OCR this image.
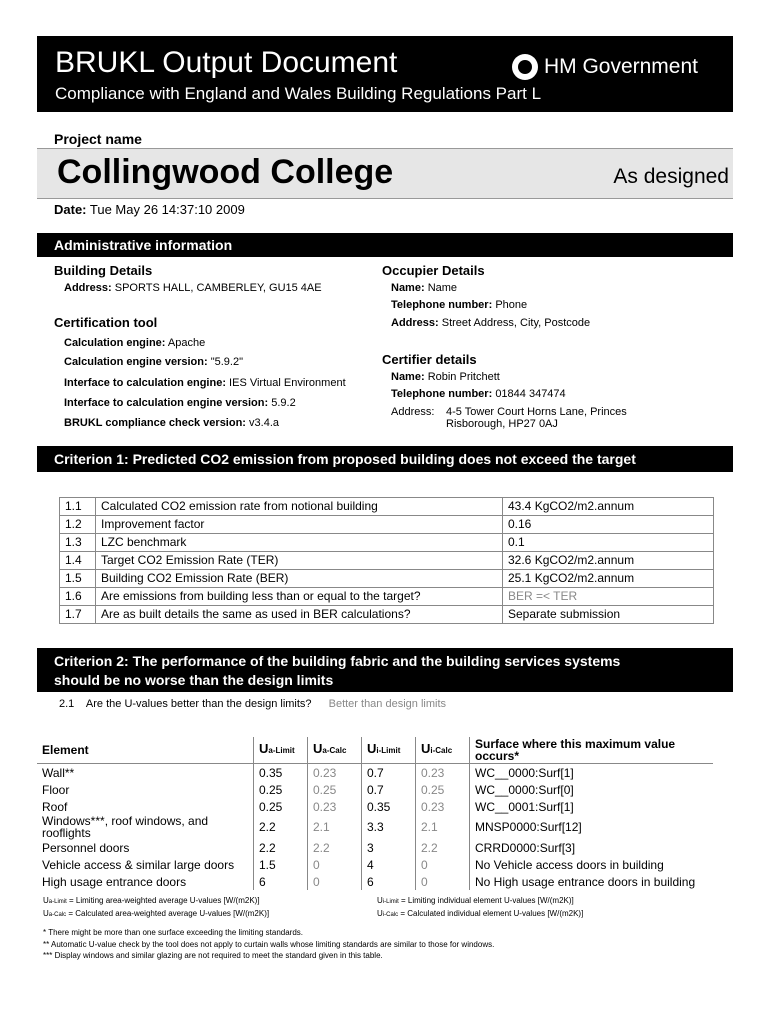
BRUKL Output Document
Compliance with England and Wales Building Regulations Part L
HM Government
Project name
Collingwood College	As designed
Date: Tue May 26 14:37:10 2009
Administrative information
Building Details
Address: SPORTS HALL, CAMBERLEY, GU15 4AE
Certification tool
Calculation engine: Apache
Calculation engine version: "5.9.2"
Interface to calculation engine: IES Virtual Environment
Interface to calculation engine version: 5.9.2
BRUKL compliance check version: v3.4.a
Occupier Details
Name: Name
Telephone number: Phone
Address: Street Address, City, Postcode
Certifier details
Name: Robin Pritchett
Telephone number: 01844 347474
Address: 4-5 Tower Court Horns Lane, Princes
Risborough, HP27 0AJ
Criterion 1: Predicted CO2 emission from proposed building does not exceed the target
1.1	Calculated CO2 emission rate from notional building	43.4 KgCO2/m2.annum
1.2	Improvement factor	0.16
1.3	LZC benchmark	0.1
1.4	Target CO2 Emission Rate (TER)	32.6 KgCO2/m2.annum
1.5	Building CO2 Emission Rate (BER)	25.1 KgCO2/m2.annum
1.6	Are emissions from building less than or equal to the target?	BER =< TER
1.7	Are as built details the same as used in BER calculations?	Separate submission
Criterion 2: The performance of the building fabric and the building services systems
should be no worse than the design limits
2.1 Are the U-values better than the design limits? Better than design limits
Element	Ua-Limit	Ua-Calc	Ui-Limit	Ui-Calc	Surface where this maximum value occurs*
Wall**	0.35	0.23	0.7	0.23	WC__0000:Surf[1]
Floor	0.25	0.25	0.7	0.25	WC__0000:Surf[0]
Roof	0.25	0.23	0.35	0.23	WC__0001:Surf[1]
Windows***, roof windows, and rooflights	2.2	2.1	3.3	2.1	MNSP0000:Surf[12]
Personnel doors	2.2	2.2	3	2.2	CRRD0000:Surf[3]
Vehicle access & similar large doors	1.5	0	4	0	No Vehicle access doors in building
High usage entrance doors	6	0	6	0	No High usage entrance doors in building
Ua-Limit = Limiting area-weighted average U-values [W/(m2K)]
Ua-Calc = Calculated area-weighted average U-values [W/(m2K)]
Ui-Limit = Limiting individual element U-values [W/(m2K)]
Ui-Calc = Calculated individual element U-values [W/(m2K)]
* There might be more than one surface exceeding the limiting standards.
** Automatic U-value check by the tool does not apply to curtain walls whose limiting standards are similar to those for windows.
*** Display windows and similar glazing are not required to meet the standard given in this table.
